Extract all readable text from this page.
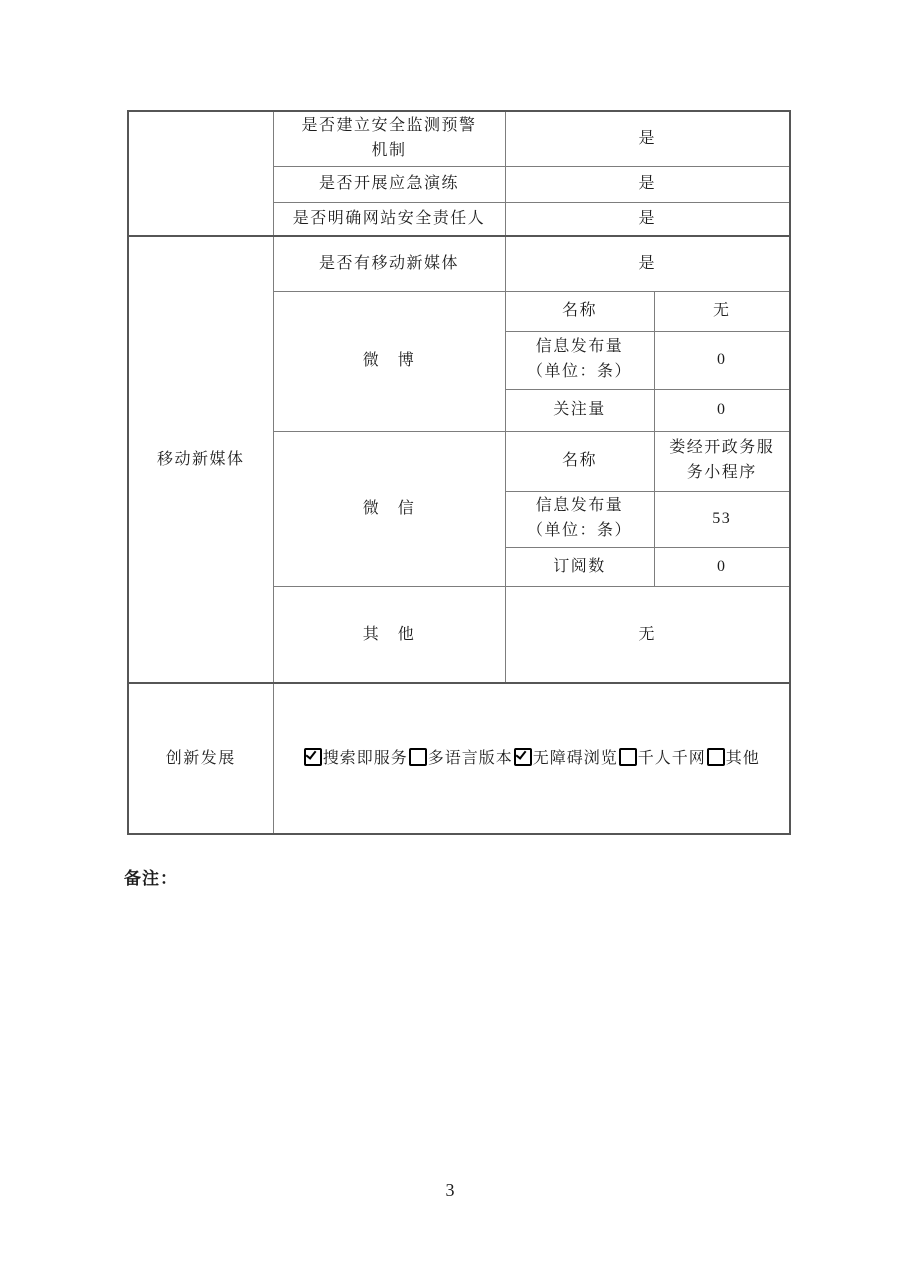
	是否建立安全监测预警
机制	是	
	是否开展应急演练	是	
	是否明确网站安全责任人	是	
移动新媒体	是否有移动新媒体	是	
	微　博	名称	无

		信息发布量
（单位：条）	0
		关注量	0
	微　信	名称	娄经开政务服
务小程序

		信息发布量
（单位：条）	53
		订阅数	0
	其　他	无	
创新发展	搜索即服务 多语言版本 无障碍浏览 千人千网 其他		
备注：
3
